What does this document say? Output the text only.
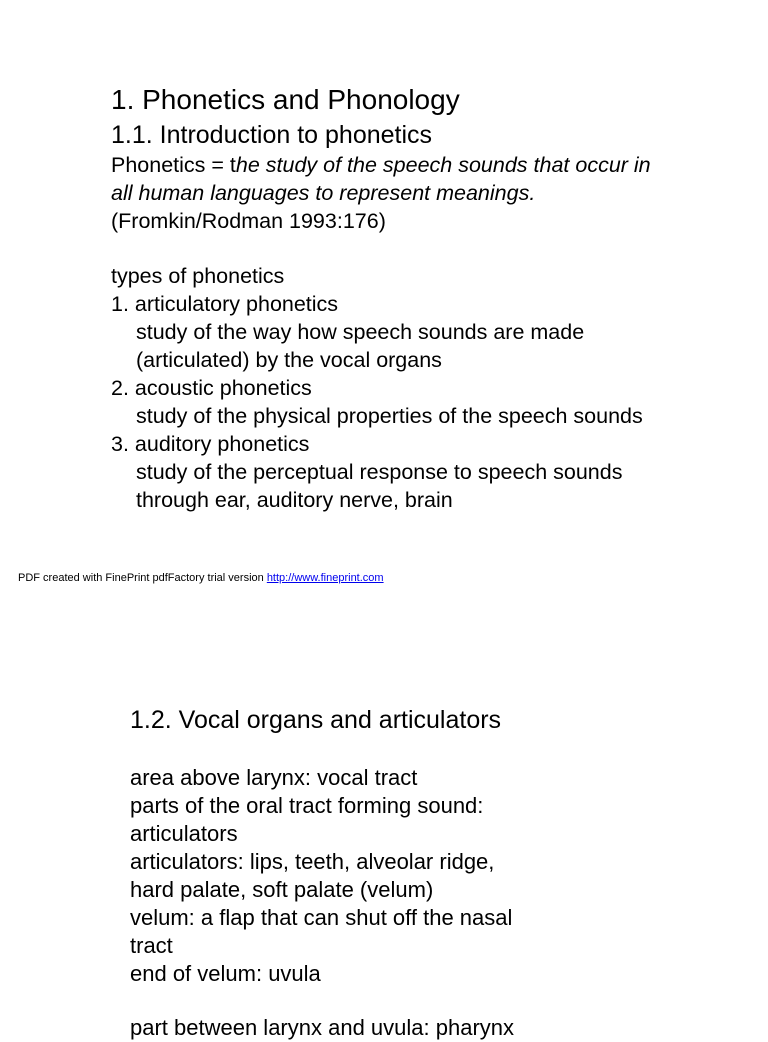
1. Phonetics and Phonology

1.1. Introduction to phonetics

Phonetics = the study of the speech sounds that occur in

all human languages to represent meanings.

(Fromkin/Rodman 1993:176)

types of phonetics

1. articulatory phonetics

study of the way how speech sounds are made

(articulated) by the vocal organs

2. acoustic phonetics

study of the physical properties of the speech sounds

3. auditory phonetics

study of the perceptual response to speech sounds

through ear, auditory nerve, brain

PDF created with FinePrint pdfFactory trial version http://www.fineprint.com

1.2. Vocal organs and articulators

area above larynx: vocal tract

parts of the oral tract forming sound:

articulators

articulators: lips, teeth, alveolar ridge,

hard palate, soft palate (velum)

velum: a flap that can shut off the nasal

tract

end of velum: uvula

part between larynx and uvula: pharynx
